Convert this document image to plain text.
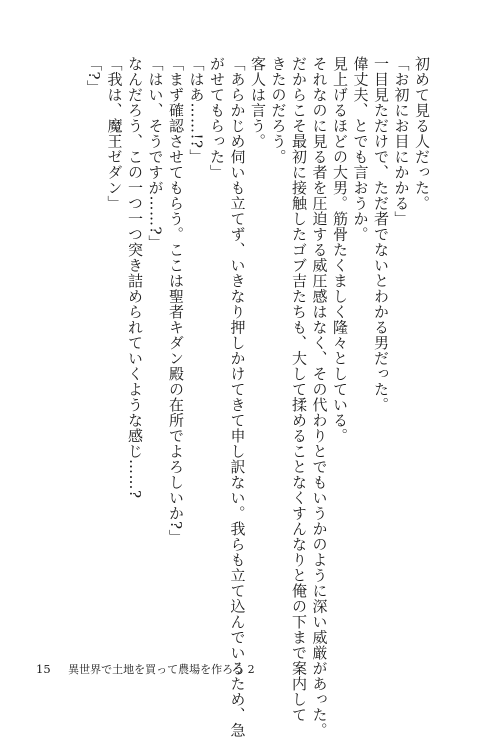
初めて見る人だった。

「お初にお目にかかる」

一目見ただけで、ただ者でないとわかる男だった。

偉丈夫、とでも言おうか。

見上げるほどの大男。筋骨たくましく隆々としている。

それなのに見る者を圧迫する威圧感はなく、その代わりとでもいうかのように深い威厳があった。

だからこそ最初に接触したゴブ吉たちも、大して揉めることなくすんなりと俺の下まで案内して

きたのだろう。

客人は言う。

「あらかじめ伺いも立てず、いきなり押しかけてきて申し訳ない。我らも立て込んでいるため、急

がせてもらった」

「はあ……!?」

「まず確認させてもらう。ここは聖者キダン殿の在所でよろしいか?」

「はい、そうですが……?」

なんだろう、この一つ一つ突き詰められていくような感じ……?

「我は、魔王ゼダン」

「?」

15 異世界で土地を買って農場を作ろう 2
